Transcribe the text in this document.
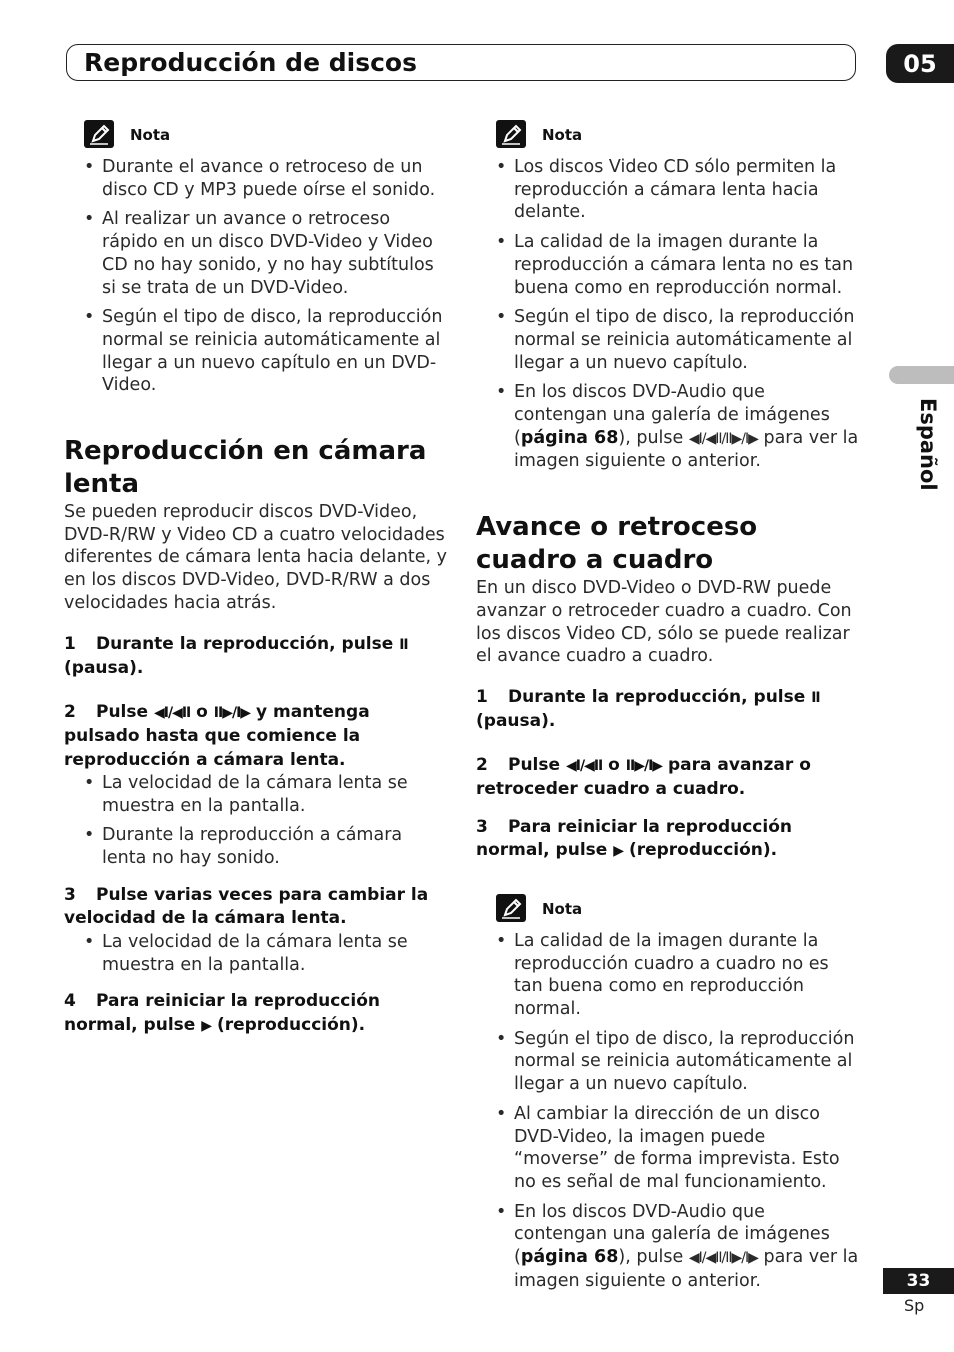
Reproducción de discos	05
Español
Nota
• Durante el avance o retroceso de un disco CD y MP3 puede oírse el sonido.
• Al realizar un avance o retroceso rápido en un disco DVD-Video y Video CD no hay sonido, y no hay subtítulos si se trata de un DVD-Video.
• Según el tipo de disco, la reproducción normal se reinicia automáticamente al llegar a un nuevo capítulo en un DVD-Video.
Reproducción en cámara lenta

Se pueden reproducir discos DVD-Video, DVD-R/RW y Video CD a cuatro velocidades diferentes de cámara lenta hacia delante, y en los discos DVD-Video, DVD-R/RW a dos velocidades hacia atrás.

1 Durante la reproducción, pulse II (pausa).

2 Pulse ◀I/◀II o II▶/I▶ y mantenga pulsado hasta que comience la reproducción a cámara lenta.

• La velocidad de la cámara lenta se muestra en la pantalla.
• Durante la reproducción a cámara lenta no hay sonido.

3 Pulse varias veces para cambiar la velocidad de la cámara lenta.

• La velocidad de la cámara lenta se muestra en la pantalla.

4 Para reiniciar la reproducción normal, pulse ▶ (reproducción).

Nota
• Los discos Video CD sólo permiten la reproducción a cámara lenta hacia delante.
• La calidad de la imagen durante la reproducción a cámara lenta no es tan buena como en reproducción normal.
• Según el tipo de disco, la reproducción normal se reinicia automáticamente al llegar a un nuevo capítulo.
• En los discos DVD-Audio que contengan una galería de imágenes (página 68), pulse ◀I/◀II/II▶/I▶ para ver la imagen siguiente o anterior.
Avance o retroceso cuadro a cuadro

En un disco DVD-Video o DVD-RW puede avanzar o retroceder cuadro a cuadro. Con los discos Video CD, sólo se puede realizar el avance cuadro a cuadro.

1 Durante la reproducción, pulse II (pausa).

2 Pulse ◀I/◀II o II▶/I▶ para avanzar o retroceder cuadro a cuadro.

3 Para reiniciar la reproducción normal, pulse ▶ (reproducción).

Nota
• La calidad de la imagen durante la reproducción cuadro a cuadro no es tan buena como en reproducción normal.
• Según el tipo de disco, la reproducción normal se reinicia automáticamente al llegar a un nuevo capítulo.
• Al cambiar la dirección de un disco DVD-Video, la imagen puede “moverse” de forma imprevista. Esto no es señal de mal funcionamiento.
• En los discos DVD-Audio que contengan una galería de imágenes (página 68), pulse ◀I/◀II/II▶/I▶ para ver la imagen siguiente o anterior.	33
Sp
